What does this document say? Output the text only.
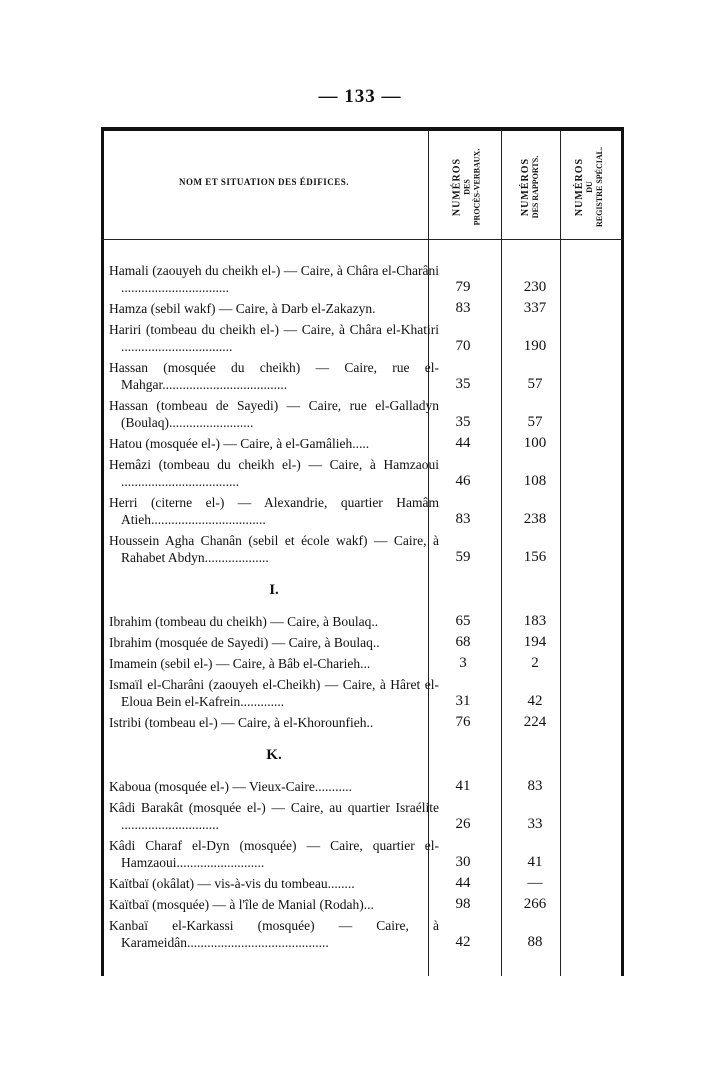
— 133 —
NOM ET SITUATION DES ÉDIFICES.	NUMÉROS DES PROCÈS-VERBAUX.	NUMÉROS DES RAPPORTS.	NUMÉROS DU REGISTRE SPÉCIAL.
Hamali (zaouyeh du cheikh el-) — Caire, à Châra el-Charâni ................................	79	230
Hamza (sebil wakf) — Caire, à Darb el-Zakazyn.	83	337
Hariri (tombeau du cheikh el-) — Caire, à Châra el-Khatiri .................................	70	190
Hassan (mosquée du cheikh) — Caire, rue el-Mahgar.....................................	35	57
Hassan (tombeau de Sayedi) — Caire, rue el-Galladyn (Boulaq).........................	35	57
Hatou (mosquée el-) — Caire, à el-Gamâlieh.....	44	100
Hemâzi (tombeau du cheikh el-) — Caire, à Hamzaoui ...................................	46	108
Herri (citerne el-) — Alexandrie, quartier Hamâm Atieh..................................	83	238
Houssein Agha Chanân (sebil et école wakf) — Caire, à Rahabet Abdyn...................	59	156
I.
Ibrahim (tombeau du cheikh) — Caire, à Boulaq..	65	183
Ibrahim (mosquée de Sayedi) — Caire, à Boulaq..	68	194
Imamein (sebil el-) — Caire, à Bâb el-Charieh...	3	2
Ismaïl el-Charâni (zaouyeh el-Cheikh) — Caire, à Hâret el-Eloua Bein el-Kafrein.............	31	42
Istribi (tombeau el-) — Caire, à el-Khorounfieh..	76	224
K.
Kaboua (mosquée el-) — Vieux-Caire...........	41	83
Kâdi Barakât (mosquée el-) — Caire, au quartier Israélite .............................	26	33
Kâdi Charaf el-Dyn (mosquée) — Caire, quartier el-Hamzaoui..........................	30	41
Kaïtbaï (okâlat) — vis-à-vis du tombeau........	44	—
Kaïtbaï (mosquée) — à l'île de Manial (Rodah)...	98	266
Kanbaï el-Karkassi (mosquée) — Caire, à Karameidân..........................................	42	88
